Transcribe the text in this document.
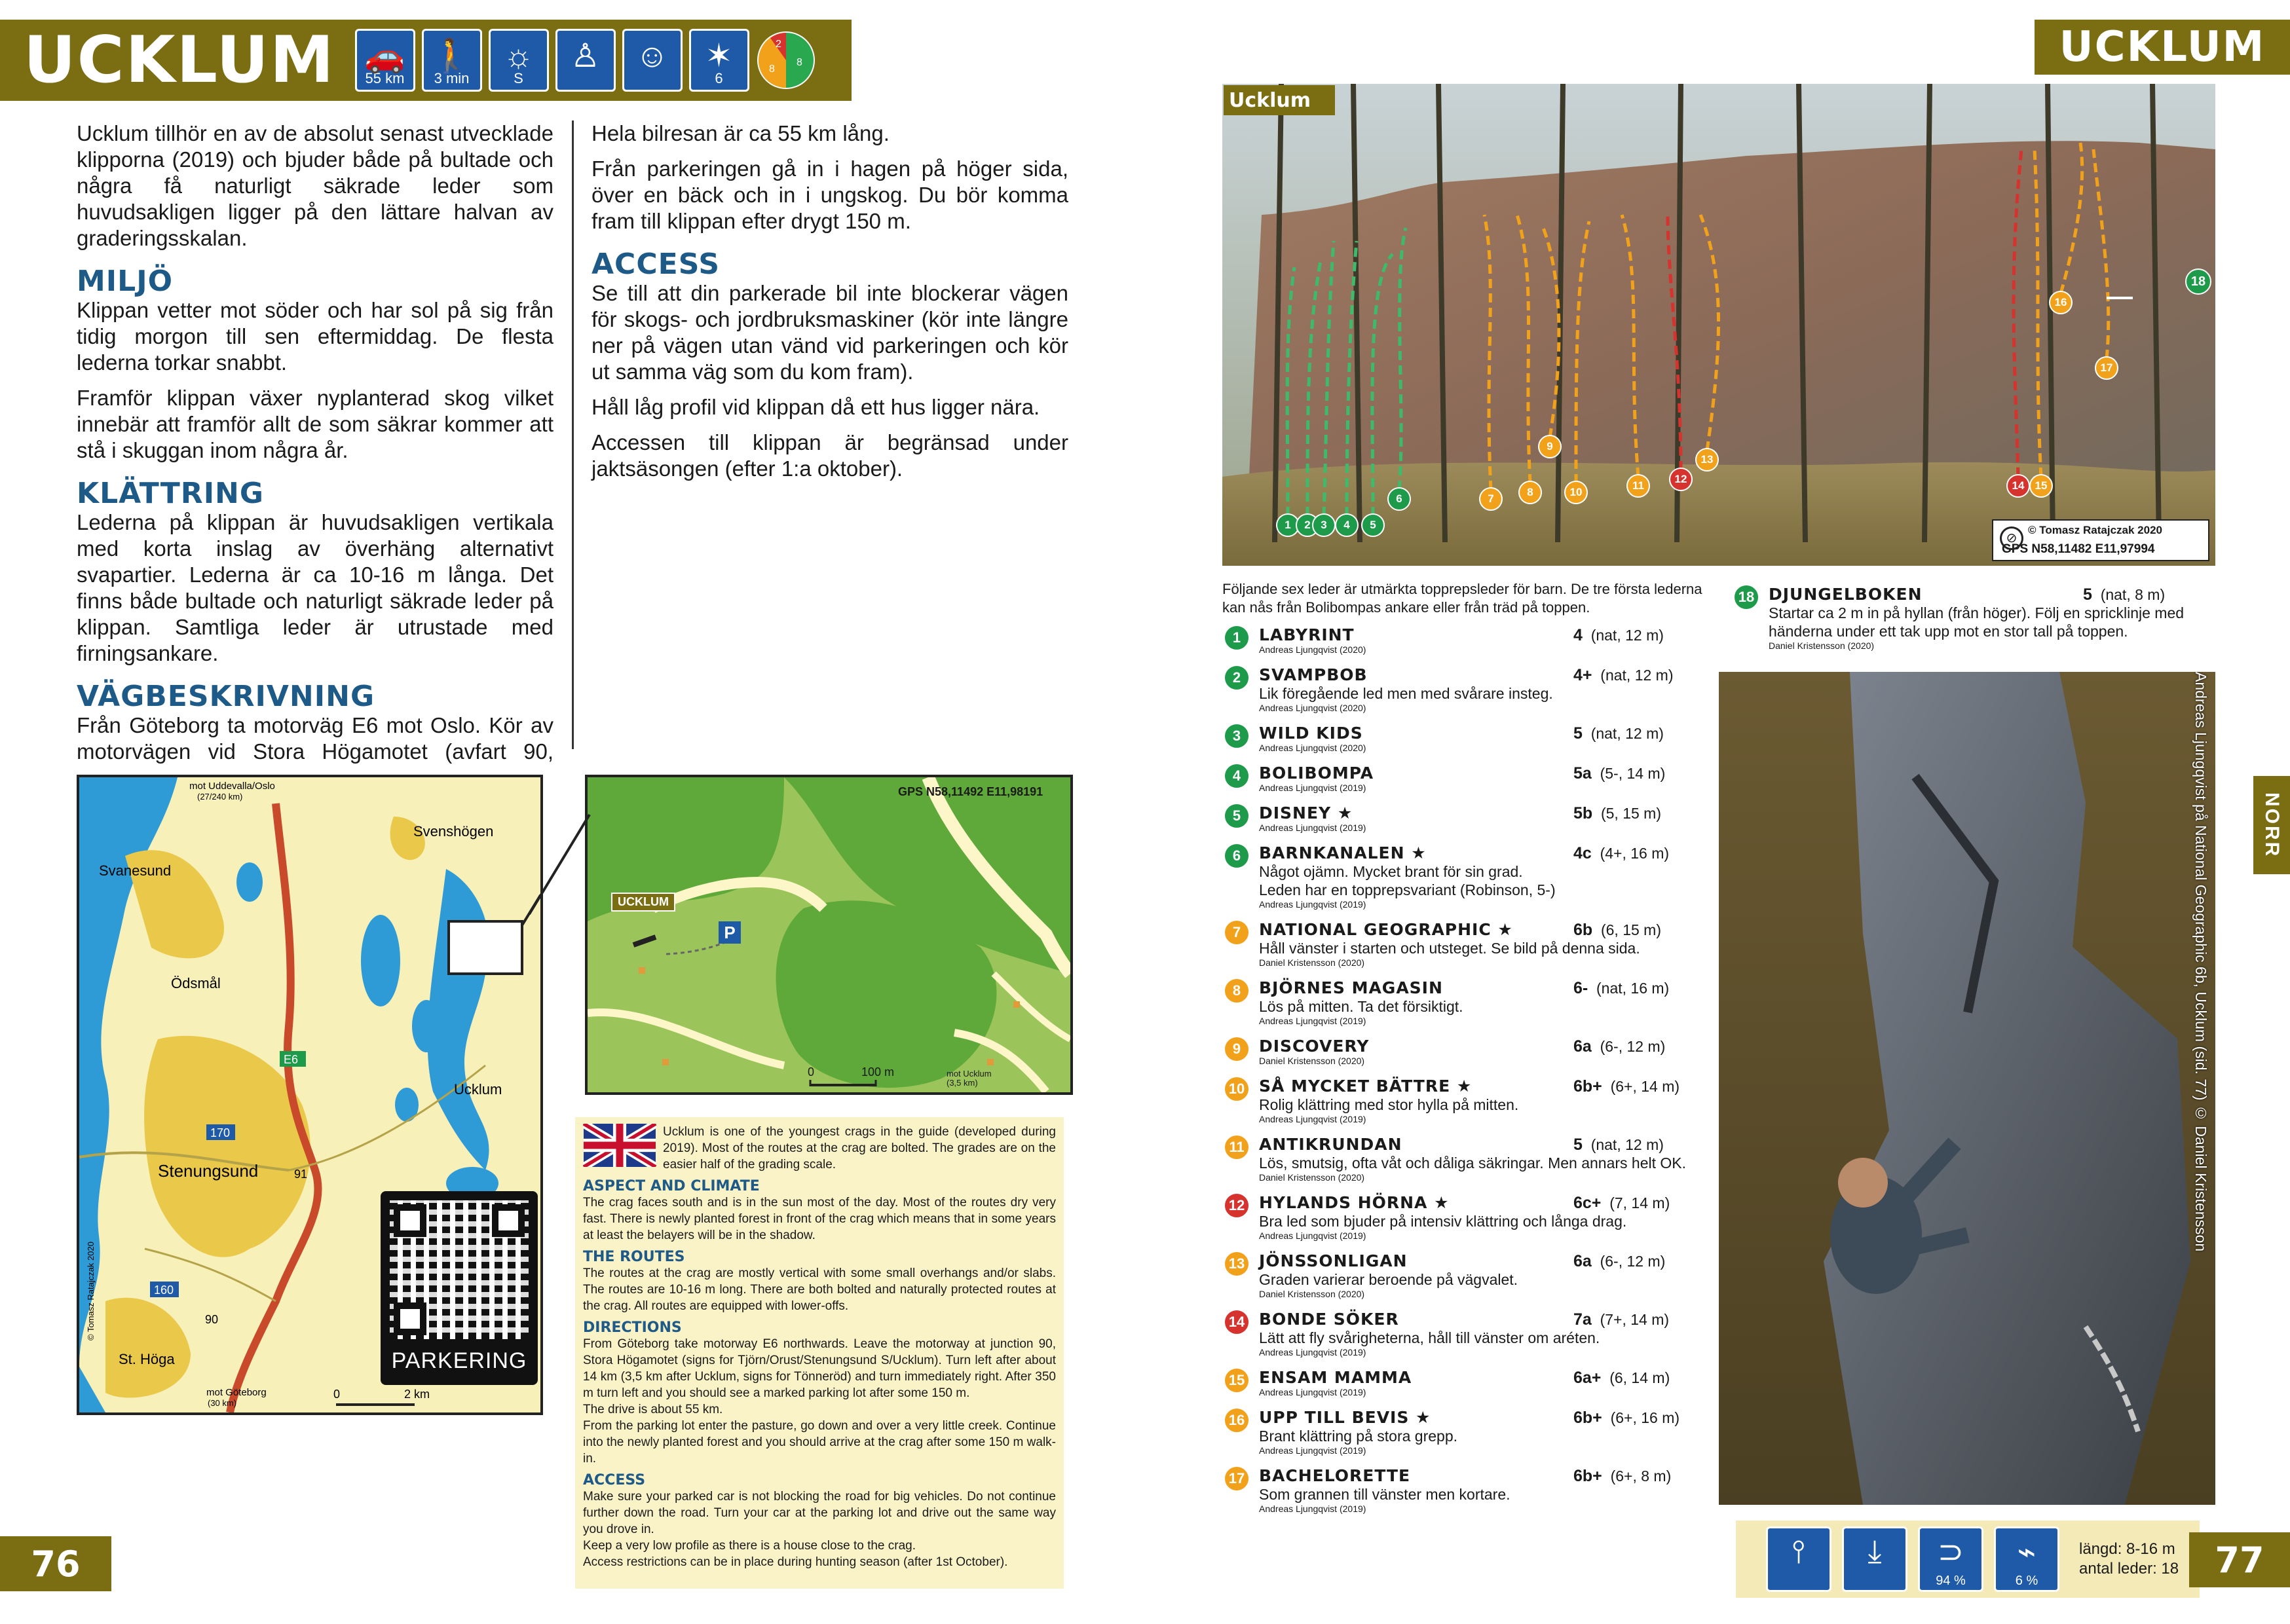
UCKLUM 🚗
55 km
🚶
3 min
☼
S
♙	☺	✶
6
2
8
8

Ucklum tillhör en av de absolut senast utvecklade klipporna (2019) och bjuder både på bultade och några få naturligt säkrade leder som huvudsakligen ligger på den lättare halvan av graderingsskalan.

MILJÖ

Klippan vetter mot söder och har sol på sig från tidig morgon till sen eftermiddag. De flesta lederna torkar snabbt.

Framför klippan växer nyplanterad skog vilket innebär att framför allt de som säkrar kommer att stå i skuggan inom några år.

KLÄTTRING

Lederna på klippan är huvudsakligen vertikala med korta inslag av överhäng alternativt svapartier. Lederna är ca 10-16 m långa. Det finns både bultade och naturligt säkrade leder på klippan. Samtliga leder är utrustade med firningsankare.

VÄGBESKRIVNING

Från Göteborg ta motorväg E6 mot Oslo. Kör av motorvägen vid Stora Högamotet (avfart 90,

Hela bilresan är ca 55 km lång.

Från parkeringen gå in i hagen på höger sida, över en bäck och in i ungskog. Du bör komma fram till klippan efter drygt 150 m.

ACCESS

Se till att din parkerade bil inte blockerar vägen för skogs- och jordbruksmaskiner (kör inte längre ner på vägen utan vänd vid parkeringen och kör ut samma väg som du kom fram).

Håll låg profil vid klippan då ett hus ligger nära.

Accessen till klippan är begränsad under jaktsäsongen (efter 1:a oktober).

mot Uddevalla/Oslo
(27/240 km)
Svanesund
Svenshögen
Ödsmål
E6
Ucklum
170
Stenungsund	91
160
90
St. Höga
mot Göteborg
(30 km)
0	2 km
© Tomasz Ratajczak 2020
PARKERING
GPS N58,11492 E11,98191
UCKLUM
P
0	100 m	mot Ucklum
(3,5 km)
Ucklum is one of the youngest crags in the guide (developed during 2019). Most of the routes at the crag are bolted. The grades are on the easier half of the grading scale.
ASPECT AND CLIMATE
The crag faces south and is in the sun most of the day. Most of the routes dry very fast. There is newly planted forest in front of the crag which means that in some years at least the belayers will be in the shadow.
THE ROUTES
The routes at the crag are mostly vertical with some small overhangs and/or slabs. The routes are 10-16 m long. There are both bolted and naturally protected routes at the crag. All routes are equipped with lower-offs.
DIRECTIONS
From Göteborg take motorway E6 northwards. Leave the motorway at junction 90, Stora Högamotet (signs for Tjörn/Orust/Stenungsund S/Ucklum). Turn left after about 14 km (3,5 km after Ucklum, signs for Tönneröd) and turn immediately right. After 350 m turn left and you should see a marked parking lot after some 150 m.
The drive is about 55 km.
From the parking lot enter the pasture, go down and over a very little creek. Continue into the newly planted forest and you should arrive at the crag after some 150 m walk-in.
ACCESS
Make sure your parked car is not blocking the road for big vehicles. Do not continue further down the road. Turn your car at the parking lot and drive out the same way you drove in.
Keep a very low profile as there is a house close to the crag.
Access restrictions can be in place during hunting season (after 1st October).
76
UCKLUM
Ucklum
© Tomasz Ratajczak 2020
GPS N58,11482 E11,97994
⊘
18
1	2 3	4	5
6	7
8
9
10
11
12
13
14 15
16
17
Följande sex leder är utmärkta topprepsleder för barn. De tre första lederna kan nås från Bolibompas ankare eller från träd på toppen.
1	LABYRINT	4 (nat, 12 m)
Andreas Ljungqvist (2020)
2	SVAMPBOB	4+ (nat, 12 m)
Lik föregående led men med svårare insteg.
Andreas Ljungqvist (2020)
3	WILD KIDS	5 (nat, 12 m)
Andreas Ljungqvist (2020)
4	BOLIBOMPA	5a (5-, 14 m)
Andreas Ljungqvist (2019)
5	DISNEY ★	5b (5, 15 m)
Andreas Ljungqvist (2019)
6	BARNKANALEN ★	4c (4+, 16 m)
Något ojämn. Mycket brant för sin grad.
Leden har en topprepsvariant (Robinson, 5-)
Andreas Ljungqvist (2019)
7	NATIONAL GEOGRAPHIC ★	6b (6, 15 m)
Håll vänster i starten och utsteget. Se bild på denna sida.
Daniel Kristensson (2020)
8	BJÖRNES MAGASIN	6- (nat, 16 m)
Lös på mitten. Ta det försiktigt.
Andreas Ljungqvist (2019)
9	DISCOVERY	6a (6-, 12 m)
Daniel Kristensson (2020)
10 SÅ MYCKET BÄTTRE ★	6b+ (6+, 14 m)
Rolig klättring med stor hylla på mitten.
Andreas Ljungqvist (2019)
11 ANTIKRUNDAN	5 (nat, 12 m)
Lös, smutsig, ofta våt och dåliga säkringar. Men annars helt OK.
Daniel Kristensson (2020)
12 HYLANDS HÖRNA ★	6c+ (7, 14 m)
Bra led som bjuder på intensiv klättring och långa drag.
Andreas Ljungqvist (2019)
13 JÖNSSONLIGAN	6a (6-, 12 m)
Graden varierar beroende på vägvalet.
Daniel Kristensson (2020)
14 BONDE SÖKER	7a (7+, 14 m)
Lätt att fly svårigheterna, håll till vänster om aréten.
Andreas Ljungqvist (2019)
15 ENSAM MAMMA	6a+ (6, 14 m)
Andreas Ljungqvist (2019)
16 UPP TILL BEVIS ★	6b+ (6+, 16 m)
Brant klättring på stora grepp.
Andreas Ljungqvist (2019)
17 BACHELORETTE	6b+ (6+, 8 m)
Som grannen till vänster men kortare.
Andreas Ljungqvist (2019)
18 DJUNGELBOKEN	5 (nat, 8 m)
Startar ca 2 m in på hyllan (från höger). Följ en spricklinje med händerna under ett tak upp mot en stor tall på toppen.
Daniel Kristensson (2020)
Andreas Ljungqvist på National Geographic 6b, Ucklum (sid. 77) © Daniel Kristensson	NORR
⫯	⤓	⊃
94 %
⌁
6 %
längd: 8-16 m
antal leder: 18	77
